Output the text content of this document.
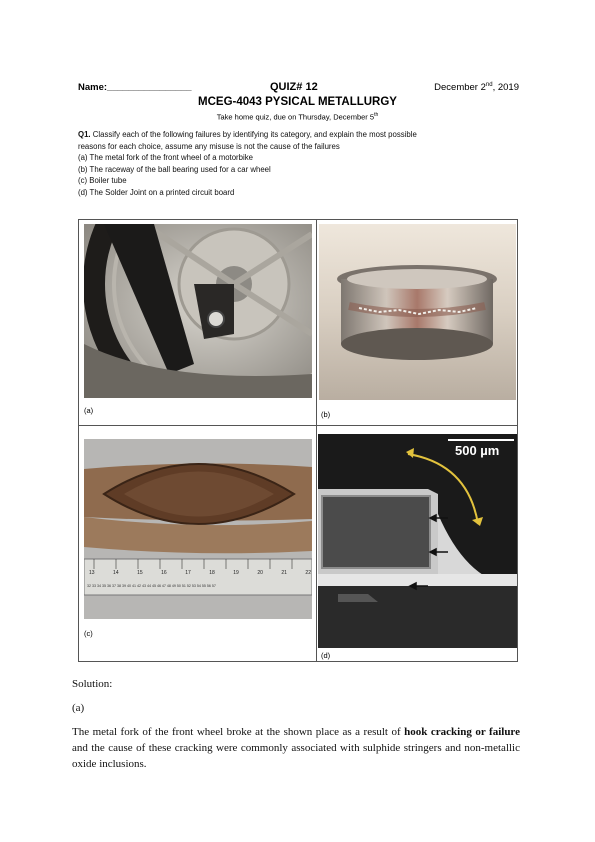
Name:________________	QUIZ# 12	December 2nd, 2019
MCEG-4043 PYSICAL METALLURGY
Take home quiz, due on Thursday, December 5th

Q1. Classify each of the following failures by identifying its category, and explain the most possible

reasons for each choice, assume any misuse is not the cause of the failures

(a) The metal fork of the front wheel of a motorbike

(b) The raceway of the ball bearing used for a car wheel

(c) Boiler tube

(d) The Solder Joint on a printed circuit board

(a)	(b)
13	14	15	16	17	18	19	20	21	22
32 33 34 35 36 37 38 39 40 41 42 43 44 45 46 47 48 49 50 51 52 53 54 55 56 57
(c)
500 µm
(d)

Solution:

(a)

The metal fork of the front wheel broke at the shown place as a result of hook cracking or failure and the cause of these cracking were commonly associated with sulphide stringers and non-metallic oxide inclusions.
